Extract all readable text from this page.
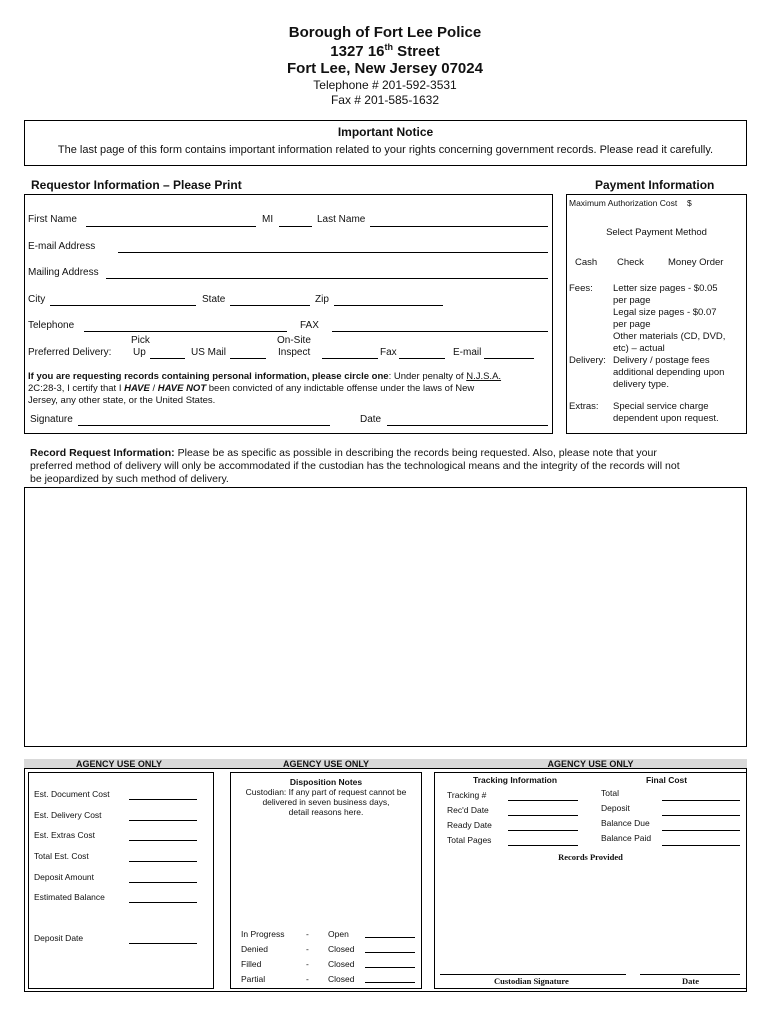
Borough of Fort Lee Police
1327 16th Street
Fort Lee, New Jersey 07024
Telephone # 201-592-3531
Fax # 201-585-1632
Important Notice
The last page of this form contains important information related to your rights concerning government records. Please read it carefully.
Requestor Information – Please Print
First Name	MI	Last Name
E-mail Address
Mailing Address
City	State	Zip
Telephone	FAX
Pick	On-Site
Preferred Delivery: Up	US Mail	Inspect	Fax	E-mail
If you are requesting records containing personal information, please circle one: Under penalty of N.J.S.A.
2C:28-3, I certify that I HAVE / HAVE NOT been convicted of any indictable offense under the laws of New
Jersey, any other state, or the United States.
Signature	Date
Payment Information
Maximum Authorization Cost $
Select Payment Method
Cash Check	Money Order
Fees: Letter size pages - $0.05
per page
Legal size pages - $0.07
per page
Other materials (CD, DVD,
etc) – actual
Delivery: Delivery / postage fees
additional depending upon
delivery type.
Extras: Special service charge
dependent upon request.
Record Request Information: Please be as specific as possible in describing the records being requested. Also, please note that your
preferred method of delivery will only be accommodated if the custodian has the technological means and the integrity of the records will not
be jeopardized by such method of delivery.
AGENCY USE ONLY	AGENCY USE ONLY	AGENCY USE ONLY
Est. Document Cost
Est. Delivery Cost
Est. Extras Cost
Total Est. Cost
Deposit Amount
Estimated Balance
Deposit Date
Disposition Notes
Custodian: If any part of request cannot be
delivered in seven business days,
detail reasons here.
In Progress	- Open
Denied	- Closed
Filled	- Closed
Partial	- Closed
Tracking Information	Final Cost
Tracking #
Rec'd Date
Ready Date
Total Pages
Total
Deposit
Balance Due
Balance Paid
Records Provided
Custodian Signature	Date
